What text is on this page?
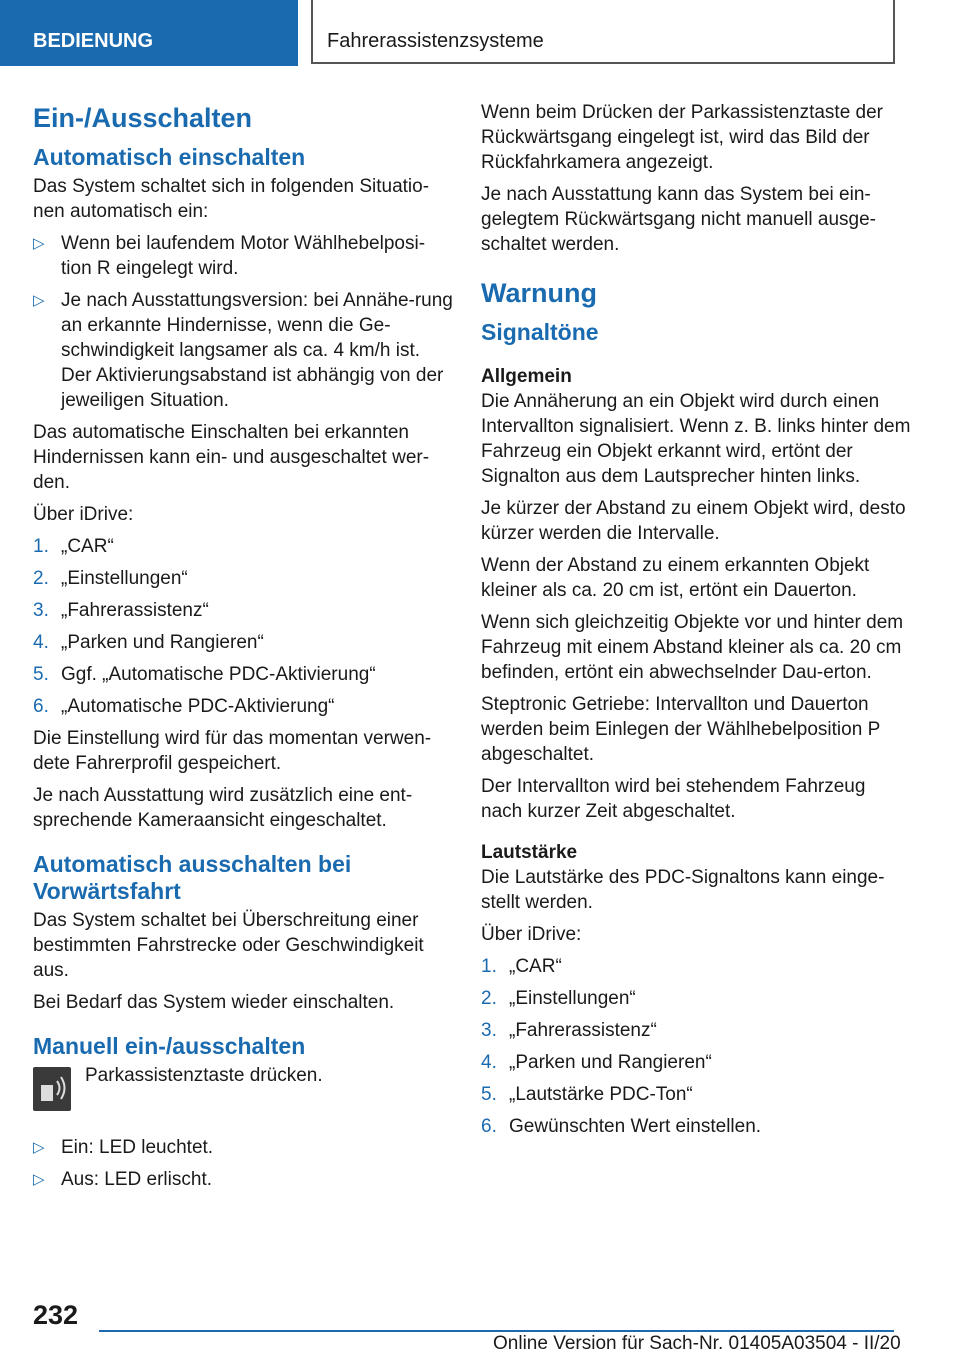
BEDIENUNG	Fahrerassistenzsysteme
Ein-/Ausschalten
Automatisch einschalten

Das System schaltet sich in folgenden Situatio-nen automatisch ein:

▷ Wenn bei laufendem Motor Wählhebelposi-tion R eingelegt wird.
▷ Je nach Ausstattungsversion: bei Annähe-rung an erkannte Hindernisse, wenn die Ge-schwindigkeit langsamer als ca. 4 km/h ist. Der Aktivierungsabstand ist abhängig von der jeweiligen Situation.

Das automatische Einschalten bei erkannten Hindernissen kann ein- und ausgeschaltet wer-den.

Über iDrive:

1. „CAR“
2. „Einstellungen“
3. „Fahrerassistenz“
4. „Parken und Rangieren“
5. Ggf. „Automatische PDC-Aktivierung“
6. „Automatische PDC-Aktivierung“

Die Einstellung wird für das momentan verwen-dete Fahrerprofil gespeichert.

Je nach Ausstattung wird zusätzlich eine ent-sprechende Kameraansicht eingeschaltet.

Automatisch ausschalten bei Vorwärtsfahrt

Das System schaltet bei Überschreitung einer bestimmten Fahrstrecke oder Geschwindigkeit aus.

Bei Bedarf das System wieder einschalten.

Manuell ein-/ausschalten
Parkassistenztaste drücken.
▷ Ein: LED leuchtet.
▷ Aus: LED erlischt.

Wenn beim Drücken der Parkassistenztaste der Rückwärtsgang eingelegt ist, wird das Bild der Rückfahrkamera angezeigt.

Je nach Ausstattung kann das System bei ein-gelegtem Rückwärtsgang nicht manuell ausge-schaltet werden.

Warnung
Signaltöne
Allgemein

Die Annäherung an ein Objekt wird durch einen Intervallton signalisiert. Wenn z. B. links hinter dem Fahrzeug ein Objekt erkannt wird, ertönt der Signalton aus dem Lautsprecher hinten links.

Je kürzer der Abstand zu einem Objekt wird, desto kürzer werden die Intervalle.

Wenn der Abstand zu einem erkannten Objekt kleiner als ca. 20 cm ist, ertönt ein Dauerton.

Wenn sich gleichzeitig Objekte vor und hinter dem Fahrzeug mit einem Abstand kleiner als ca. 20 cm befinden, ertönt ein abwechselnder Dau-erton.

Steptronic Getriebe: Intervallton und Dauerton werden beim Einlegen der Wählhebelposition P abgeschaltet.

Der Intervallton wird bei stehendem Fahrzeug nach kurzer Zeit abgeschaltet.

Lautstärke

Die Lautstärke des PDC-Signaltons kann einge-stellt werden.

Über iDrive:

1. „CAR“
2. „Einstellungen“
3. „Fahrerassistenz“
4. „Parken und Rangieren“
5. „Lautstärke PDC-Ton“
6. Gewünschten Wert einstellen.
232
Online Version für Sach-Nr. 01405A03504 - II/20
